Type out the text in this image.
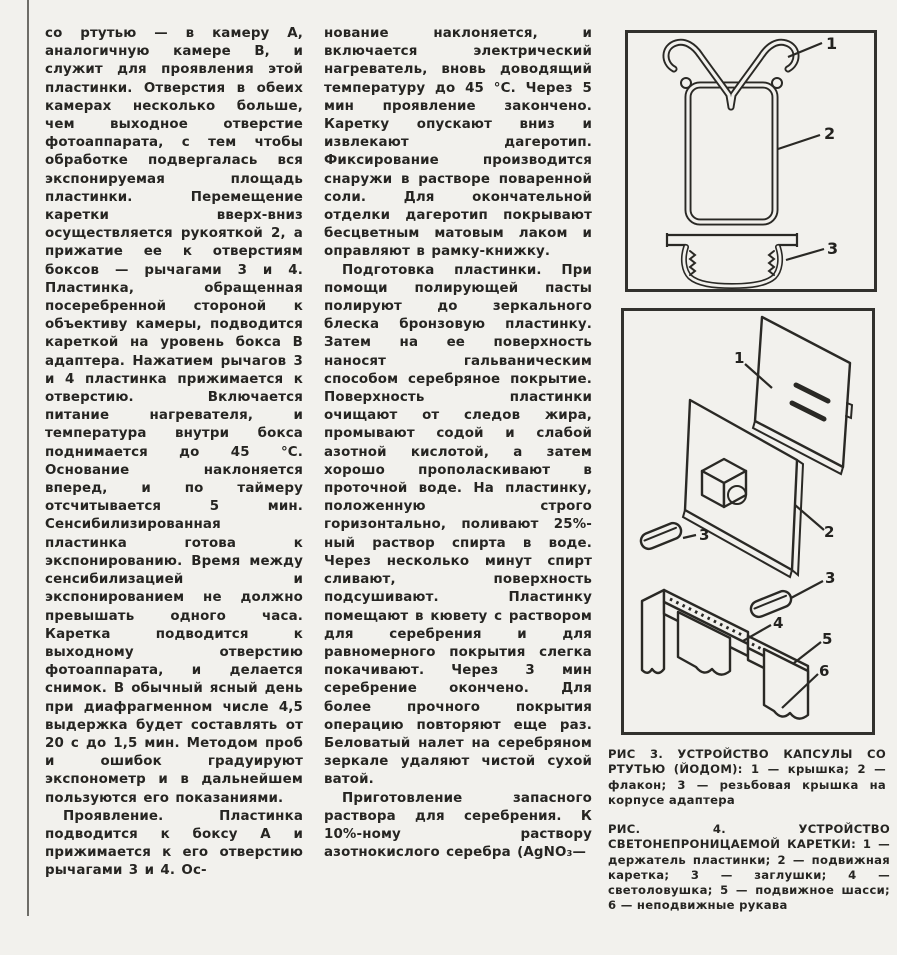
со ртутью — в камеру А, аналогичную камере В, и служит для проявления этой пластинки. Отверстия в обеих камерах несколько больше, чем выходное отверстие фотоаппарата, с тем чтобы обработке подвергалась вся экспонируемая площадь пластинки. Перемещение каретки вверх-вниз осуществляется рукояткой 2, а прижатие ее к отверстиям боксов — рычагами 3 и 4. Пластинка, обращенная посеребренной стороной к объективу камеры, подводится кареткой на уровень бокса В адаптера. Нажатием рычагов 3 и 4 пластинка прижимается к отверстию. Включается питание нагревателя, и температура внутри бокса поднимается до 45 °C. Основание наклоняется вперед, и по таймеру отсчитывается 5 мин. Сенсибилизированная пластинка готова к экспонированию. Время между сенсибилизацией и экспонированием не должно превышать одного часа. Каретка подводится к выходному отверстию фотоаппарата, и делается снимок. В обычный ясный день при диафрагменном числе 4,5 выдержка будет составлять от 20 с до 1,5 мин. Методом проб и ошибок градуируют экспонометр и в дальнейшем пользуются его показаниями.

Проявление.	Пластинка подводится к боксу А и прижимается к его отверстию рычагами 3 и 4. Ос-

нование наклоняется, и включается электрический нагреватель, вновь доводящий температуру до 45 °C. Через 5 мин проявление закончено. Каретку опускают вниз и извлекают дагеротип. Фиксирование производится снаружи в растворе поваренной соли. Для окончательной отделки дагеротип покрывают бесцветным матовым лаком и оправляют в рамку-книжку.

Подготовка пластинки. При помощи полирующей пасты полируют до зеркального блеска бронзовую пластинку. Затем на ее поверхность наносят гальваническим способом серебряное покрытие. Поверхность пластинки очищают от следов жира, промывают содой и слабой азотной кислотой, а затем хорошо прополаскивают в проточной воде. На пластинку, положенную строго горизонтально, поливают 25%-ный раствор спирта в воде. Через несколько минут спирт сливают, поверхность подсушивают. Пластинку помещают в кювету с раствором для серебрения и для равномерного покрытия слегка покачивают. Через 3 мин серебрение окончено. Для более прочного покрытия операцию повторяют еще раз. Беловатый налет на серебряном зеркале удаляют чистой сухой ватой.

Приготовление запасного раствора для серебрения. К 10%-ному раствору азотнокислого серебра (AgNO₃—

1
2
3
1
2
3
3
4
5
6

РИС 3. УСТРОЙСТВО КАПСУЛЫ СО РТУТЬЮ (ЙОДОМ): 1 — крышка; 2 — флакон; 3 — резьбовая крышка на корпусе адаптера

РИС. 4. УСТРОЙСТВО СВЕТОНЕПРОНИЦАЕМОЙ КАРЕТКИ: 1 — держатель пластинки; 2 — подвижная каретка; 3 — заглушки; 4 — светоловушка; 5 — подвижное шасси; 6 — неподвижные рукава
